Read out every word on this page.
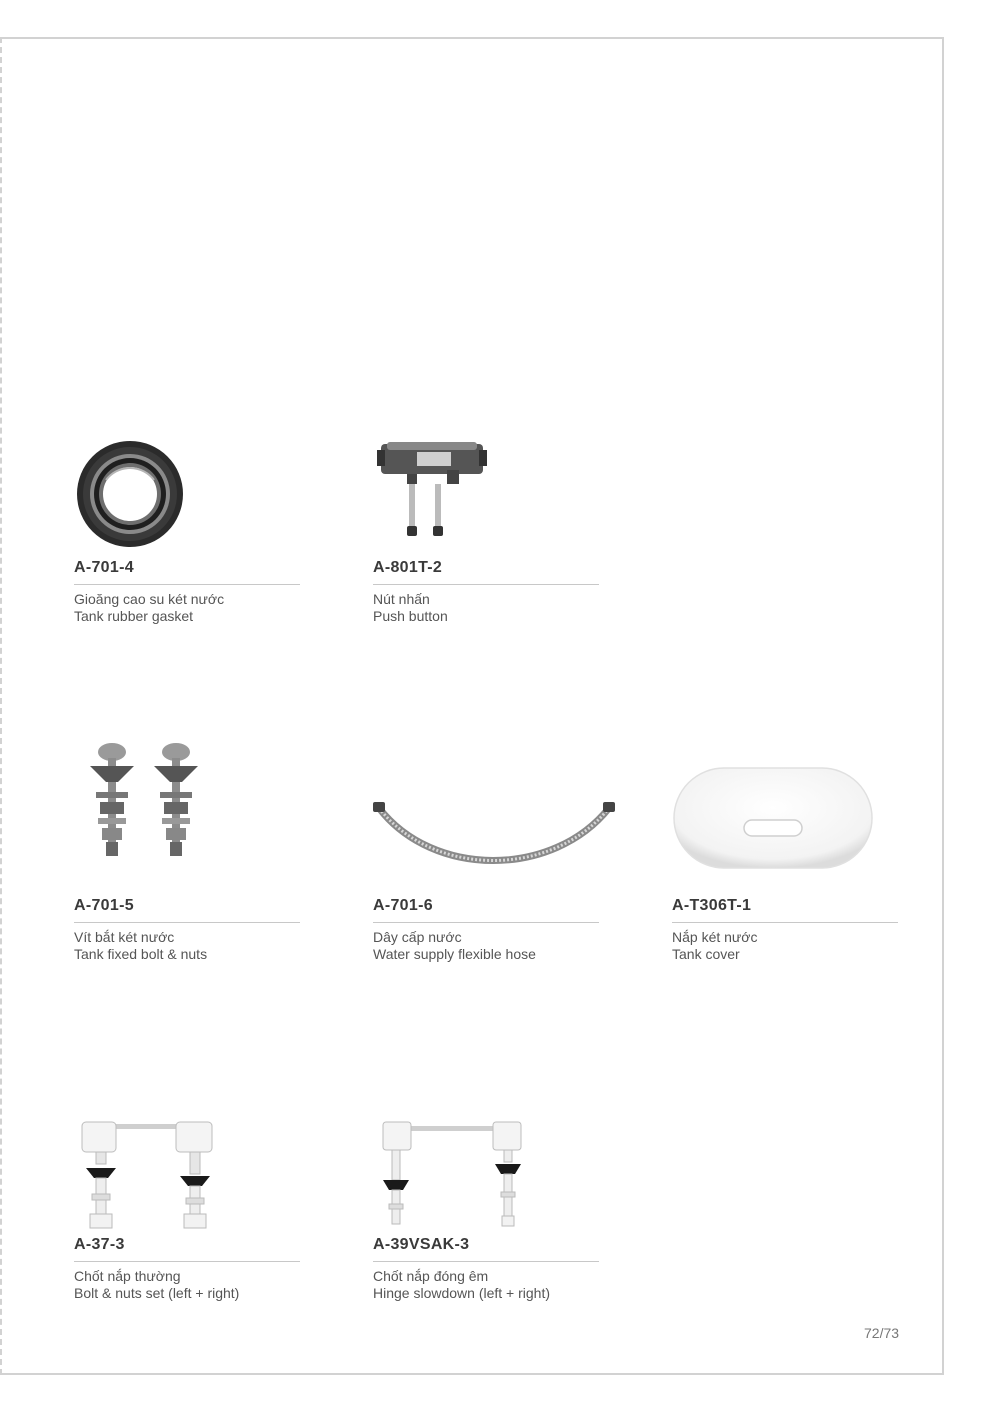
A-701-4
Gioăng cao su két nước
Tank rubber gasket
A-801T-2
Nút nhấn
Push button
A-701-5
Vít bắt két nước
Tank fixed bolt & nuts
A-701-6
Dây cấp nước
Water supply flexible hose
A-T306T-1
Nắp két nước
Tank cover
A-37-3
Chốt nắp thường
Bolt & nuts set (left + right)
A-39VSAK-3
Chốt nắp đóng êm
Hinge slowdown (left + right)
72/73
